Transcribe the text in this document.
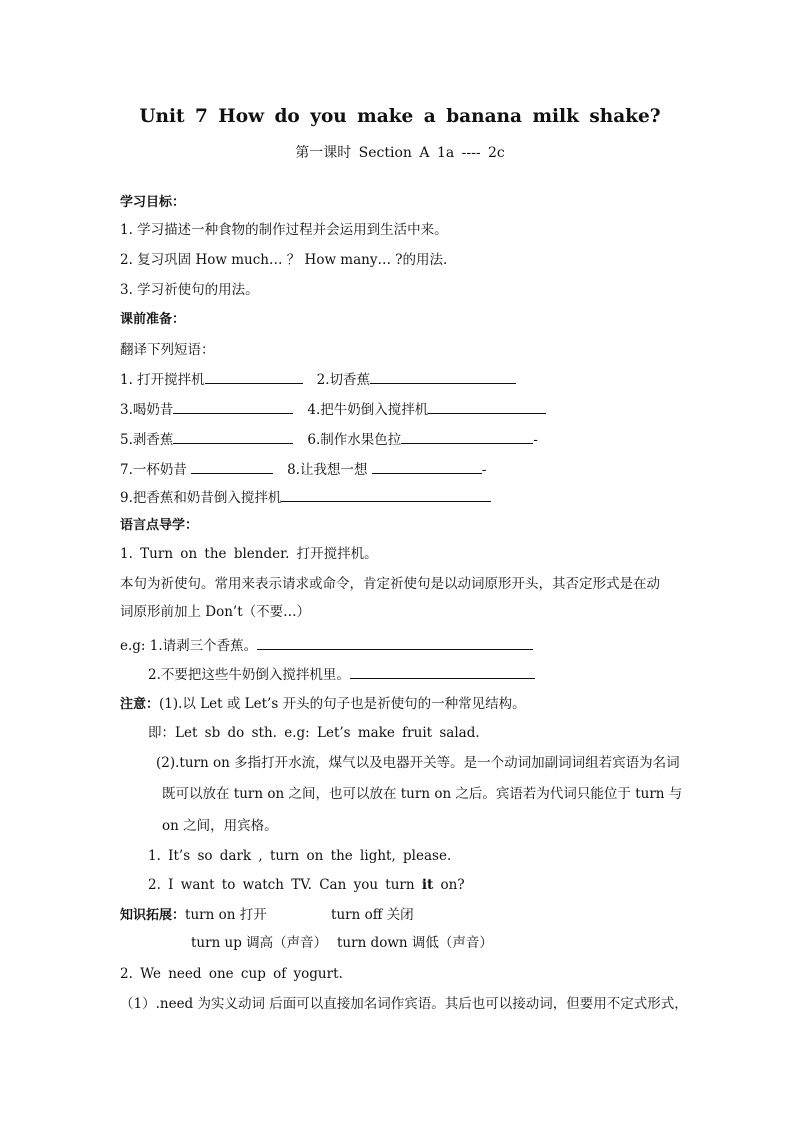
Unit 7 How do you make a banana milk shake?
第一课时 Section A 1a ---- 2c
学习目标：
1. 学习描述一种食物的制作过程并会运用到生活中来。
2. 复习巩固 How much… ？ How many… ?的用法.
3. 学习祈使句的用法。
课前准备：
翻译下列短语：
1. 打开搅拌机	2.切香蕉
3.喝奶昔	4.把牛奶倒入搅拌机
5.剥香蕉	6.制作水果色拉	-
7.一杯奶昔	8.让我想一想	-
9.把香蕉和奶昔倒入搅拌机
语言点导学：
1. Turn on the blender. 打开搅拌机。
本句为祈使句。常用来表示请求或命令，肯定祈使句是以动词原形开头，其否定形式是在动
词原形前加上 Don’t（不要…）
e.g: 1.请剥三个香蕉。
2.不要把这些牛奶倒入搅拌机里。
注意：(1).以 Let 或 Let’s 开头的句子也是祈使句的一种常见结构。
即：Let sb do sth. e.g: Let’s make fruit salad.
(2).turn on 多指打开水流，煤气以及电器开关等。是一个动词加副词词组若宾语为名词
既可以放在 turn on 之间，也可以放在 turn on 之后。宾语若为代词只能位于 turn 与
on 之间，用宾格。
1. It’s so dark , turn on the light, please.
2. I want to watch TV. Can you turn it on?
知识拓展：turn on 打开	turn off 关闭
turn up 调高（声音） turn down 调低（声音）
2. We need one cup of yogurt.
（1）.need 为实义动词 后面可以直接加名词作宾语。其后也可以接动词，但要用不定式形式，
